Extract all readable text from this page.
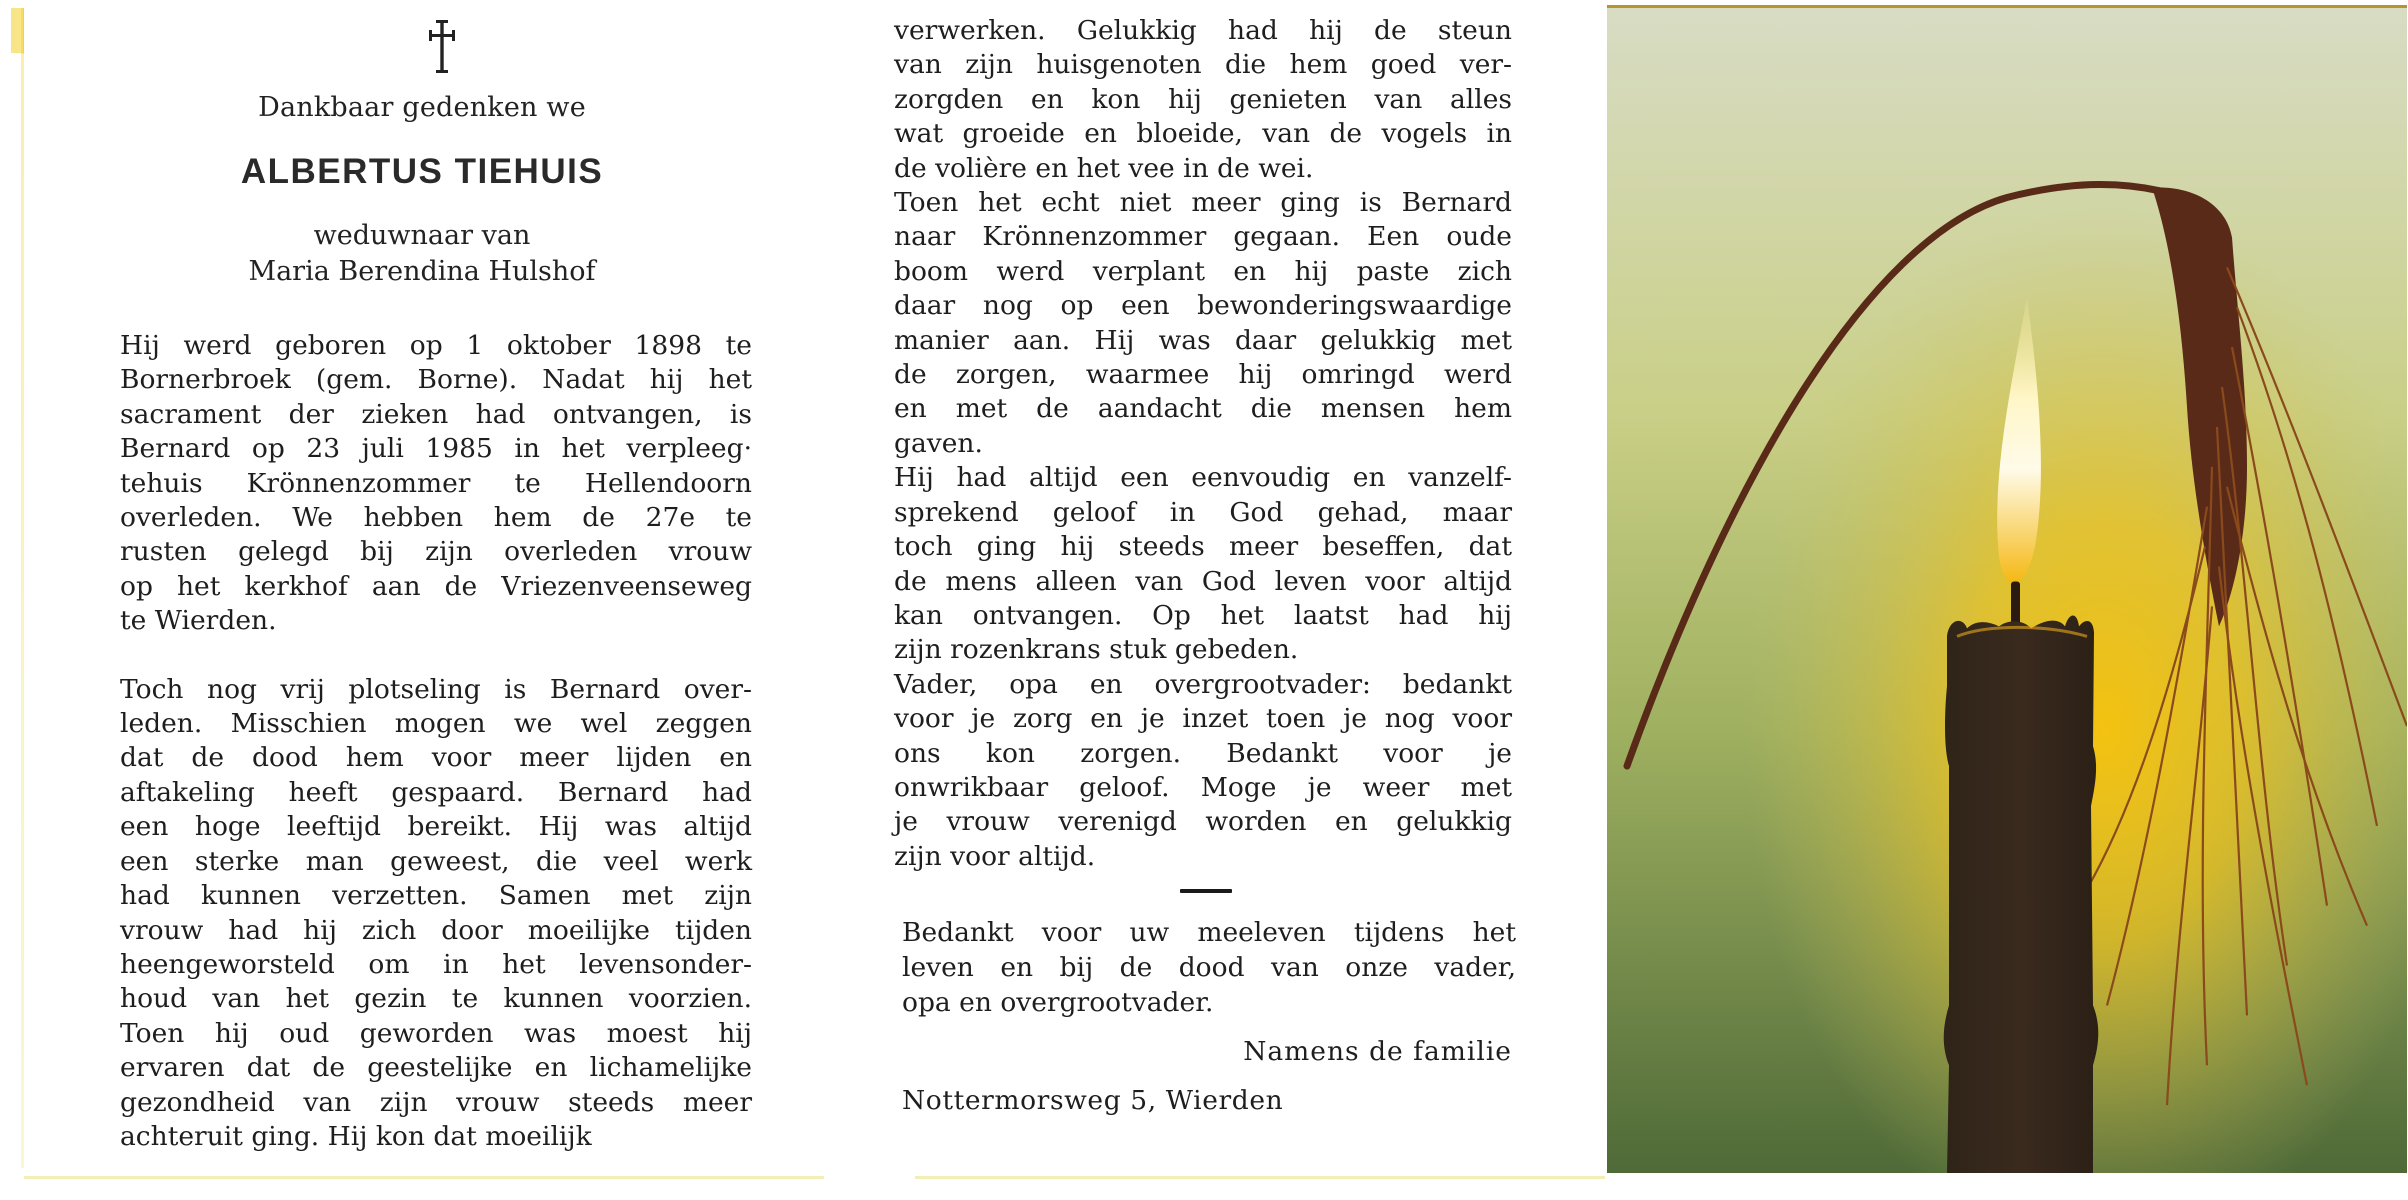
Dankbaar gedenken we
ALBERTUS TIEHUIS
weduwnaar van
Maria Berendina Hulshof

Hij werd geboren op 1 oktober 1898 te
Bornerbroek (gem. Borne). Nadat hij het
sacrament der zieken had ontvangen, is
Bernard op 23 juli 1985 in het verpleeg·
tehuis Krönnenzommer te Hellendoorn
overleden. We hebben hem de 27e te
rusten gelegd bij zijn overleden vrouw
op het kerkhof aan de Vriezenveenseweg
te Wierden.

Toch nog vrij plotseling is Bernard over-
leden. Misschien mogen we wel zeggen
dat de dood hem voor meer lijden en
aftakeling heeft gespaard. Bernard had
een hoge leeftijd bereikt. Hij was altijd
een sterke man geweest, die veel werk
had kunnen verzetten. Samen met zijn
vrouw had hij zich door moeilijke tijden
heengeworsteld om in het levensonder-
houd van het gezin te kunnen voorzien.
Toen hij oud geworden was moest hij
ervaren dat de geestelijke en lichamelijke
gezondheid van zijn vrouw steeds meer
achteruit ging. Hij kon dat moeilijk

verwerken. Gelukkig had hij de steun
van zijn huisgenoten die hem goed ver-
zorgden en kon hij genieten van alles
wat groeide en bloeide, van de vogels in
de volière en het vee in de wei.
Toen het echt niet meer ging is Bernard
naar Krönnenzommer gegaan. Een oude
boom werd verplant en hij paste zich
daar nog op een bewonderingswaardige
manier aan. Hij was daar gelukkig met
de zorgen, waarmee hij omringd werd
en met de aandacht die mensen hem
gaven.
Hij had altijd een eenvoudig en vanzelf-
sprekend geloof in God gehad, maar
toch ging hij steeds meer beseffen, dat
de mens alleen van God leven voor altijd
kan ontvangen. Op het laatst had hij
zijn rozenkrans stuk gebeden.
Vader, opa en overgrootvader: bedankt
voor je zorg en je inzet toen je nog voor
ons kon zorgen. Bedankt voor je
onwrikbaar geloof. Moge je weer met
je vrouw verenigd worden en gelukkig
zijn voor altijd.
Bedankt voor uw meeleven tijdens het
leven en bij de dood van onze vader,
opa en overgrootvader.
Namens de familie
Nottermorsweg 5, Wierden
